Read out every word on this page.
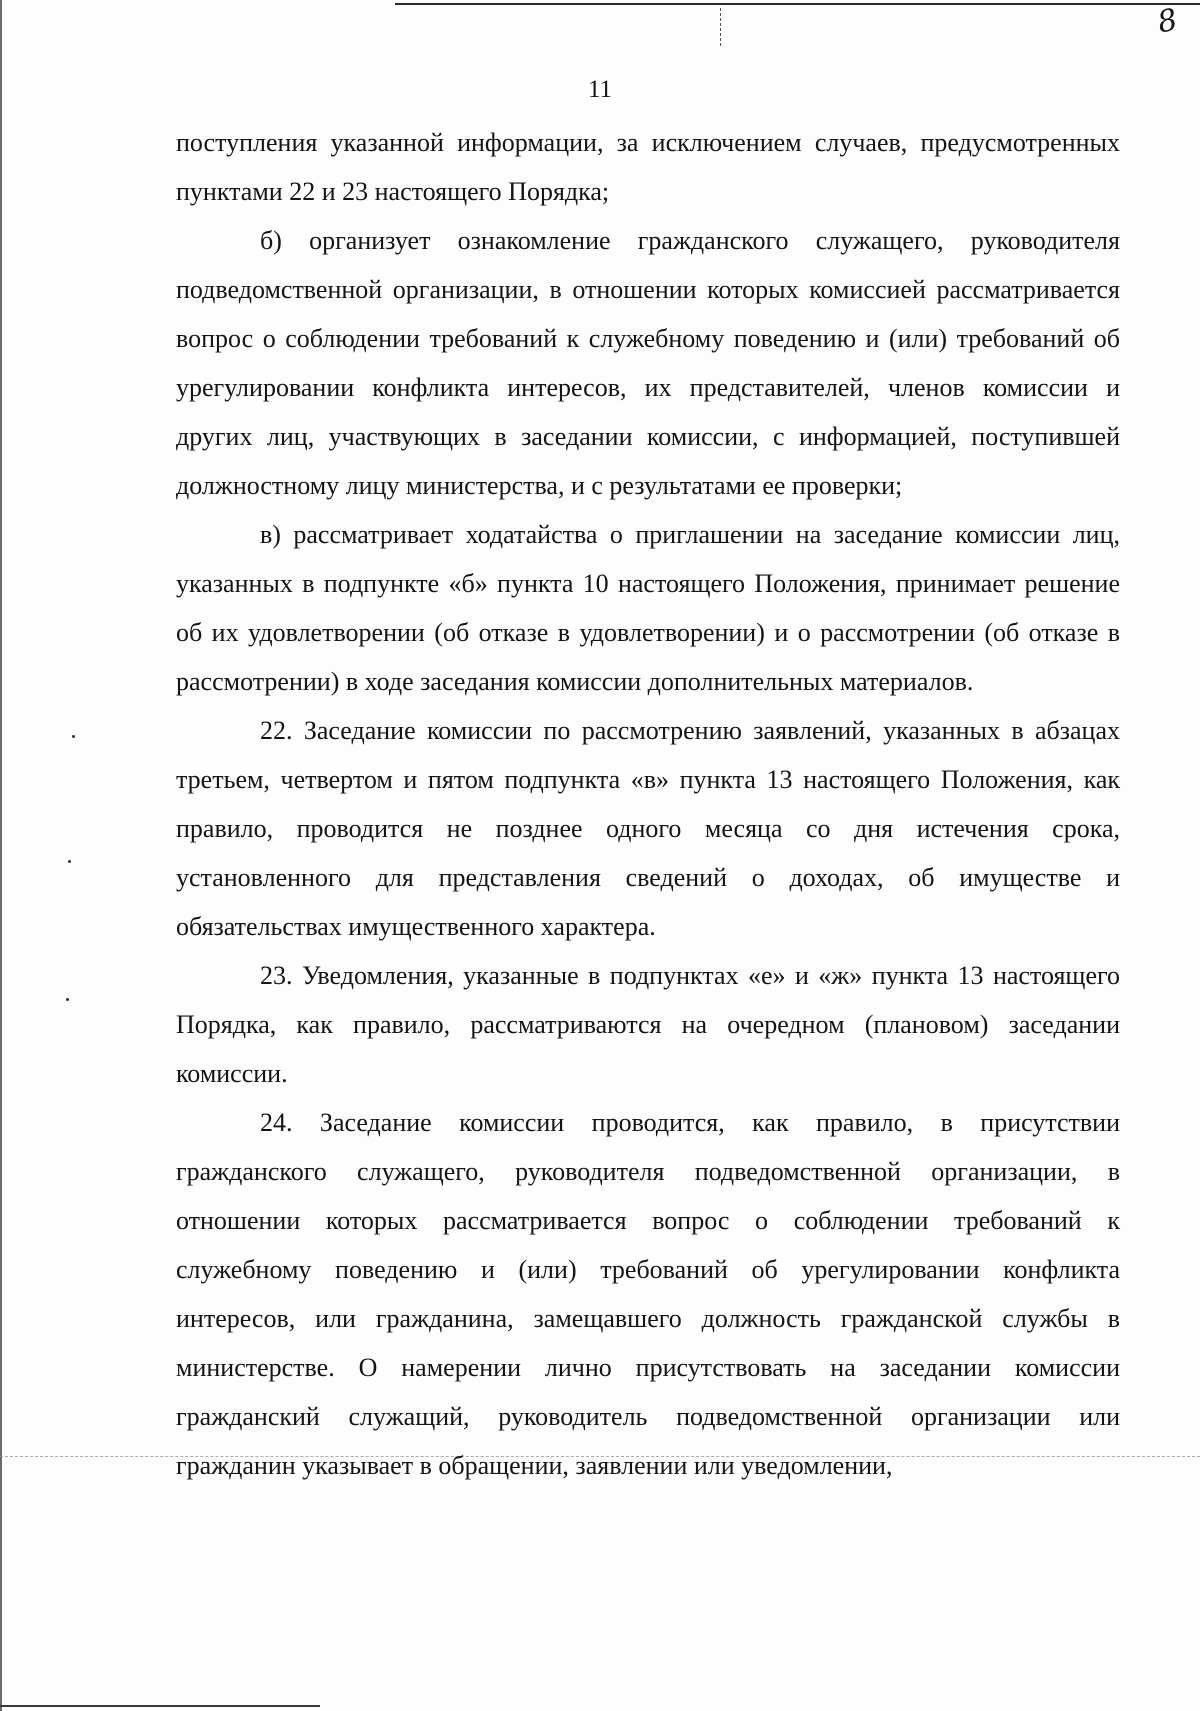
8
11

поступления указанной информации, за исключением случаев, предусмотренных пунктами 22 и 23 настоящего Порядка;

б) организует ознакомление гражданского служащего, руководителя подведомственной организации, в отношении которых комиссией рассматривается вопрос о соблюдении требований к служебному поведению и (или) требований об урегулировании конфликта интересов, их представителей, членов комиссии и других лиц, участвующих в заседании комиссии, с информацией, поступившей должностному лицу министерства, и с результатами ее проверки;

в) рассматривает ходатайства о приглашении на заседание комиссии лиц, указанных в подпункте «б» пункта 10 настоящего Положения, принимает решение об их удовлетворении (об отказе в удовлетворении) и о рассмотрении (об отказе в рассмотрении) в ходе заседания комиссии дополнительных материалов.

22. Заседание комиссии по рассмотрению заявлений, указанных в абзацах третьем, четвертом и пятом подпункта «в» пункта 13 настоящего Положения, как правило, проводится не позднее одного месяца со дня истечения срока, установленного для представления сведений о доходах, об имуществе и обязательствах имущественного характера.

23. Уведомления, указанные в подпунктах «е» и «ж» пункта 13 настоящего Порядка, как правило, рассматриваются на очередном (плановом) заседании комиссии.

24. Заседание комиссии проводится, как правило, в присутствии гражданского служащего, руководителя подведомственной организации, в отношении которых рассматривается вопрос о соблюдении требований к служебному поведению и (или) требований об урегулировании конфликта интересов, или гражданина, замещавшего должность гражданской службы в министерстве. О намерении лично присутствовать на заседании комиссии гражданский служащий, руководитель подведомственной организации или гражданин указывает в обращении, заявлении или уведомлении,
